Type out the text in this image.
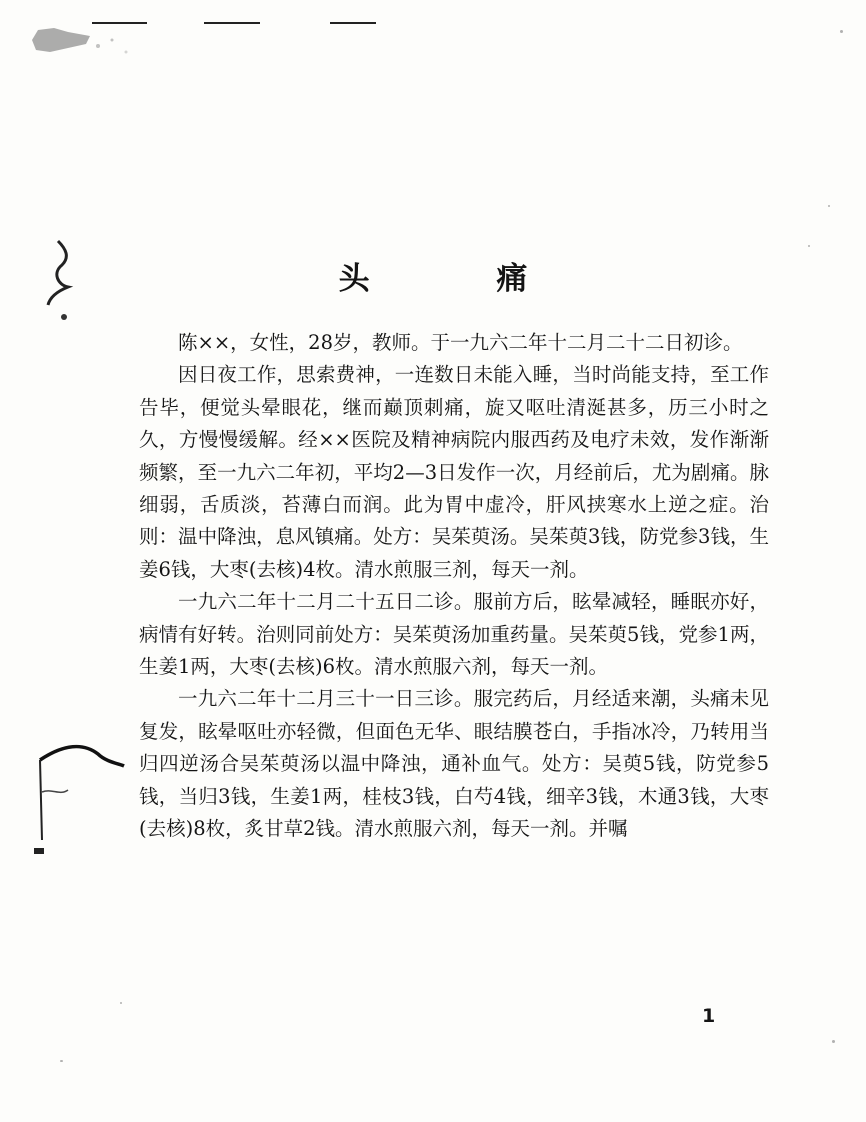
头 痛

陈××，女性，28岁，教师。于一九六二年十二月二十二日初诊。

因日夜工作，思索费神，一连数日未能入睡，当时尚能支持，至工作告毕，便觉头晕眼花，继而巅顶刺痛，旋又呕吐清涎甚多，历三小时之久，方慢慢缓解。经××医院及精神病院内服西药及电疗未效，发作渐渐频繁，至一九六二年初，平均2—3日发作一次，月经前后，尤为剧痛。脉细弱，舌质淡，苔薄白而润。此为胃中虚冷，肝风挟寒水上逆之症。治则：温中降浊，息风镇痛。处方：吴茱萸汤。吴茱萸3钱，防党参3钱，生姜6钱，大枣(去核)4枚。清水煎服三剂，每天一剂。

一九六二年十二月二十五日二诊。服前方后，眩晕减轻，睡眠亦好，病情有好转。治则同前处方：吴茱萸汤加重药量。吴茱萸5钱，党参1两，生姜1两，大枣(去核)6枚。清水煎服六剂，每天一剂。

一九六二年十二月三十一日三诊。服完药后，月经适来潮，头痛未见复发，眩晕呕吐亦轻微，但面色无华、眼结膜苍白，手指冰冷，乃转用当归四逆汤合吴茱萸汤以温中降浊，通补血气。处方：吴萸5钱，防党参5钱，当归3钱，生姜1两，桂枝3钱，白芍4钱，细辛3钱，木通3钱，大枣(去核)8枚，炙甘草2钱。清水煎服六剂，每天一剂。并嘱

1
